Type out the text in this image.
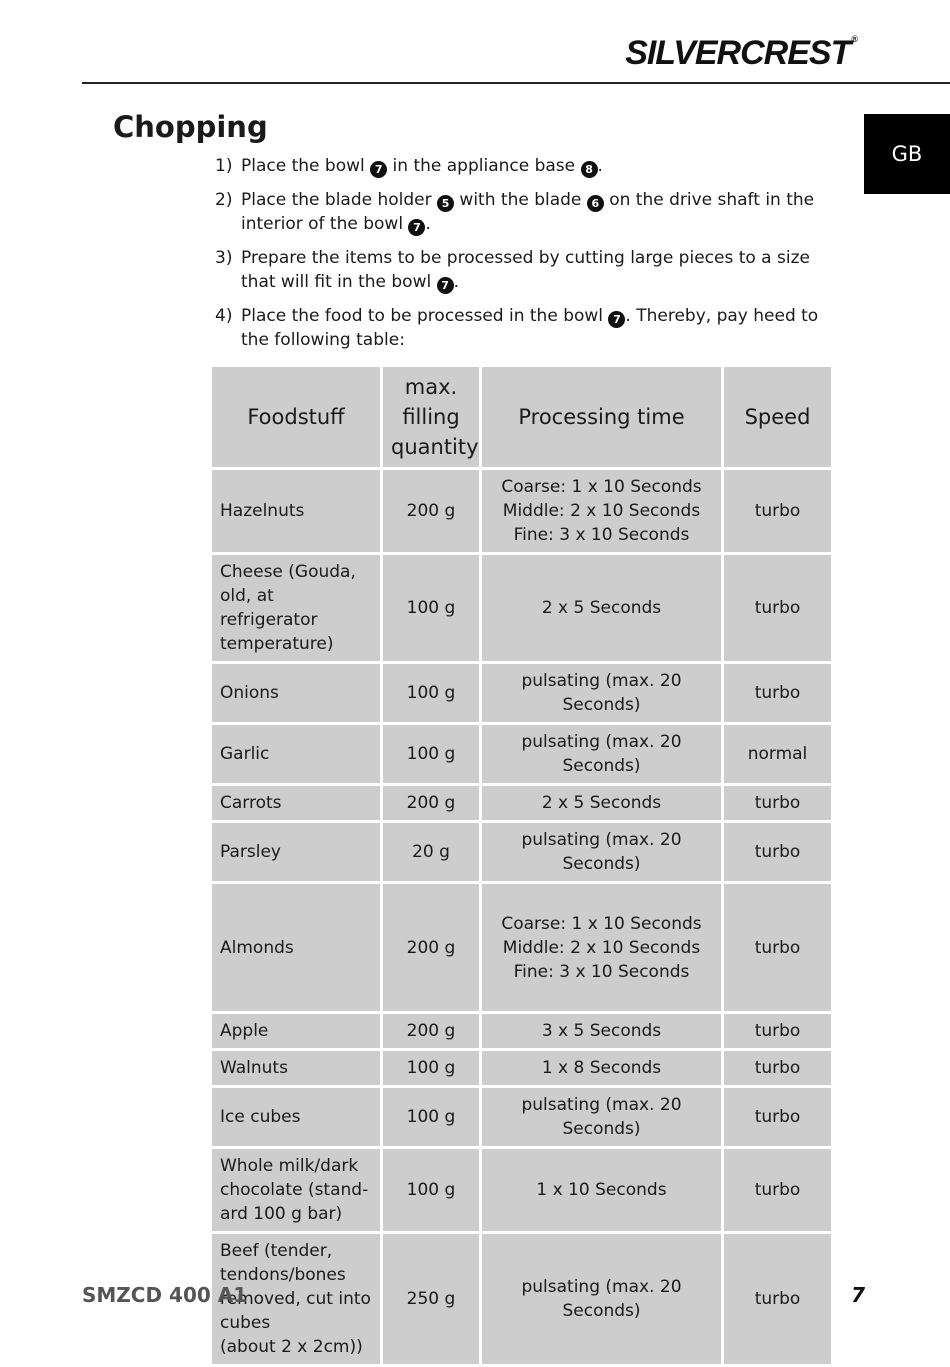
SILVERCREST®
GB
Chopping
1) Place the bowl 7 in the appliance base 8 .
2) Place the blade holder 5 with the blade 6 on the drive shaft in the interior of the bowl 7 .
3) Prepare the items to be processed by cutting large pieces to a size that will fit in the bowl 7 .
4) Place the food to be processed in the bowl 7 . Thereby, pay heed to the following table:
Foodstuff	max.
filling
quantity	Processing time	Speed
Hazelnuts	200 g	Coarse: 1 x 10 Seconds
Middle: 2 x 10 Seconds
Fine: 3 x 10 Seconds	turbo
Cheese (Gouda,
old, at refrigerator
temperature)	100 g	2 x 5 Seconds	turbo
Onions	100 g	pulsating (max. 20 Seconds)	turbo
Garlic	100 g	pulsating (max. 20 Seconds)	normal
Carrots	200 g	2 x 5 Seconds	turbo
Parsley	20 g	pulsating (max. 20 Seconds)	turbo
Almonds	200 g	Coarse: 1 x 10 Seconds
Middle: 2 x 10 Seconds
Fine: 3 x 10 Seconds	turbo
Apple	200 g	3 x 5 Seconds	turbo
Walnuts	100 g	1 x 8 Seconds	turbo
Ice cubes	100 g	pulsating (max. 20 Seconds)	turbo
Whole milk/dark
chocolate (stand-
ard 100 g bar)	100 g	1 x 10 Seconds	turbo
Beef (tender,
tendons/bones
removed, cut into
cubes
(about 2 x 2cm))	250 g	pulsating (max. 20 Seconds)	turbo
SMZCD 400 A1	7
